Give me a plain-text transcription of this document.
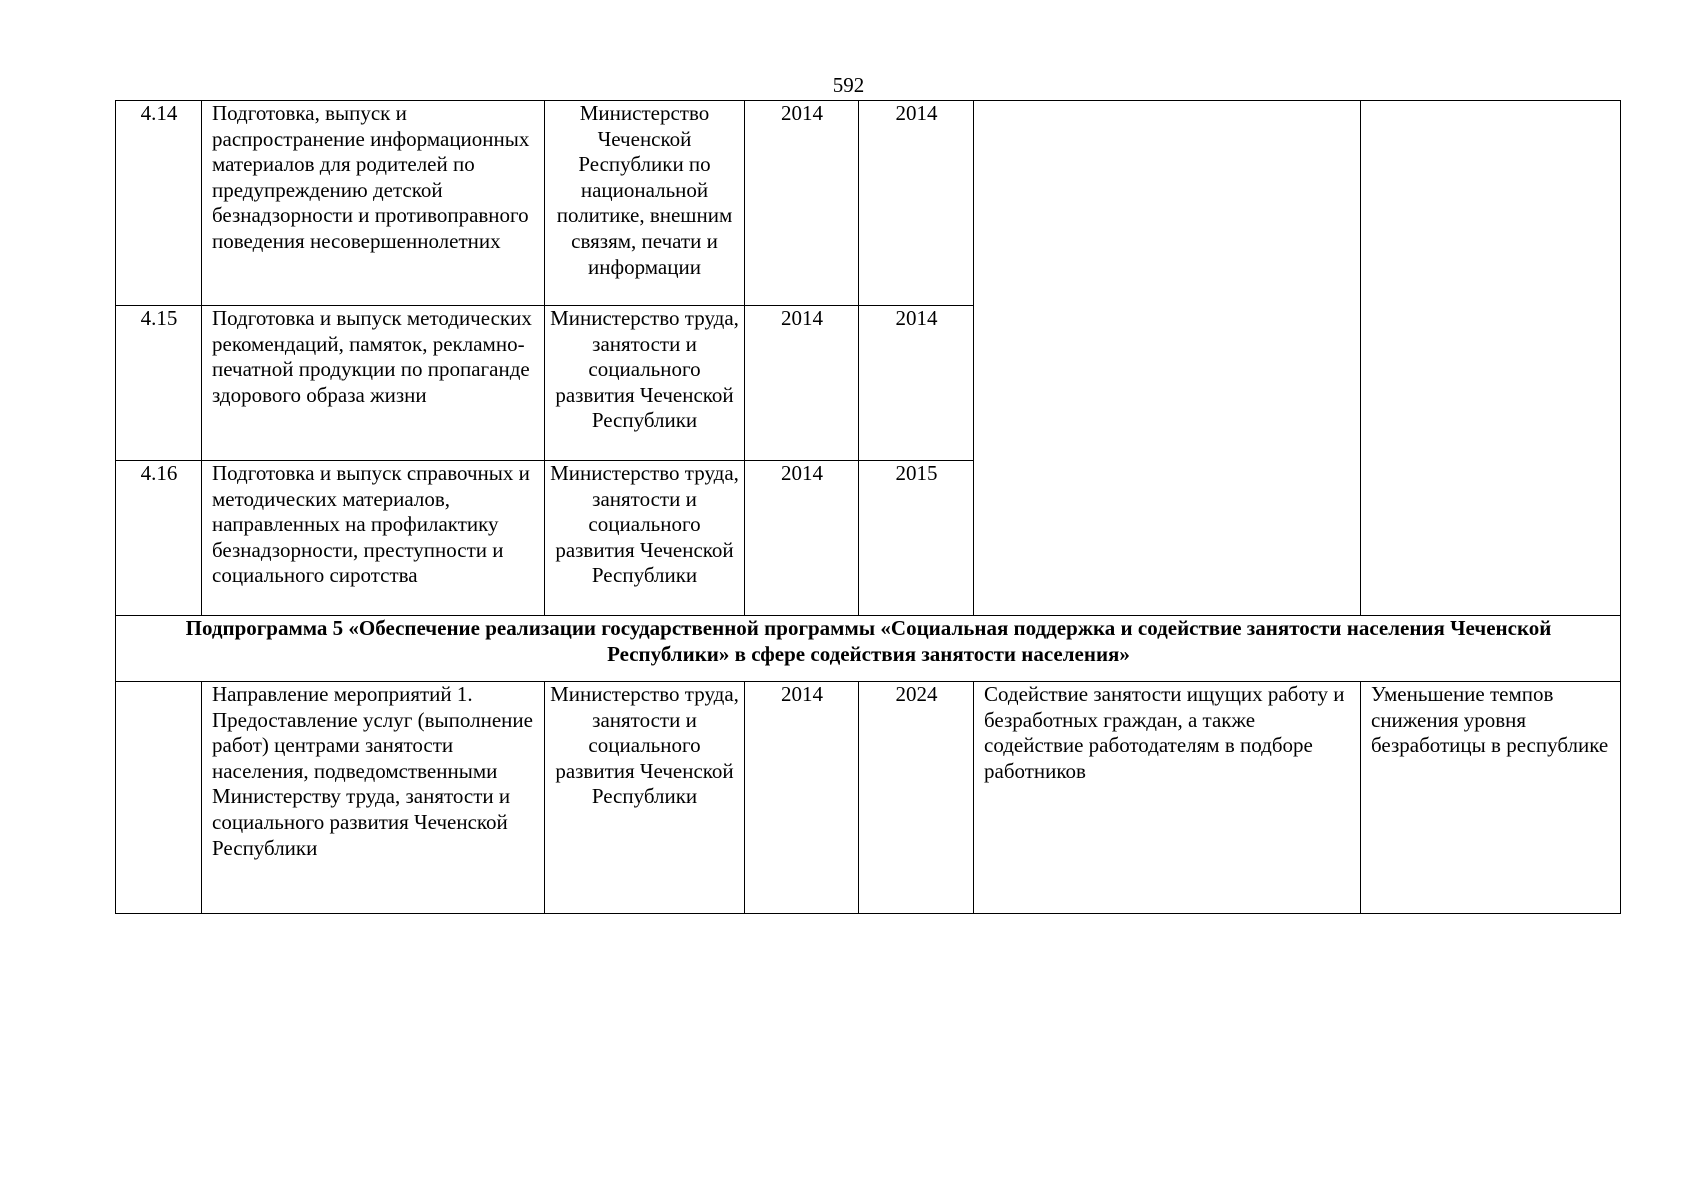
592
4.14	Подготовка, выпуск и распространение информационных материалов для родителей по предупреждению детской безнадзорности и противоправного поведения несовершеннолетних	Министерство Чеченской Республики по национальной политике, внешним связям, печати и информации	2014	2014		
4.15	Подготовка и выпуск методических рекомендаций, памяток, рекламно-печатной продукции по пропаганде здорового образа жизни	Министерство труда, занятости и социального развития Чеченской Республики	2014	2014		
4.16	Подготовка и выпуск справочных и методических материалов, направленных на профилактику безнадзорности, преступности и социального сиротства	Министерство труда, занятости и социального развития Чеченской Республики	2014	2015		
Подпрограмма 5 «Обеспечение реализации государственной программы «Социальная поддержка и содействие занятости населения Чеченской Республики» в сфере содействия занятости населения»						
	Направление мероприятий 1. Предоставление услуг (выполнение работ) центрами занятости населения, подведомственными Министерству труда, занятости и социального развития Чеченской Республики	Министерство труда, занятости и социального развития Чеченской Республики	2014	2024	Содействие занятости ищущих работу и безработных граждан, а также содействие работодателям в подборе работников	Уменьшение темпов снижения уровня безработицы в республике
